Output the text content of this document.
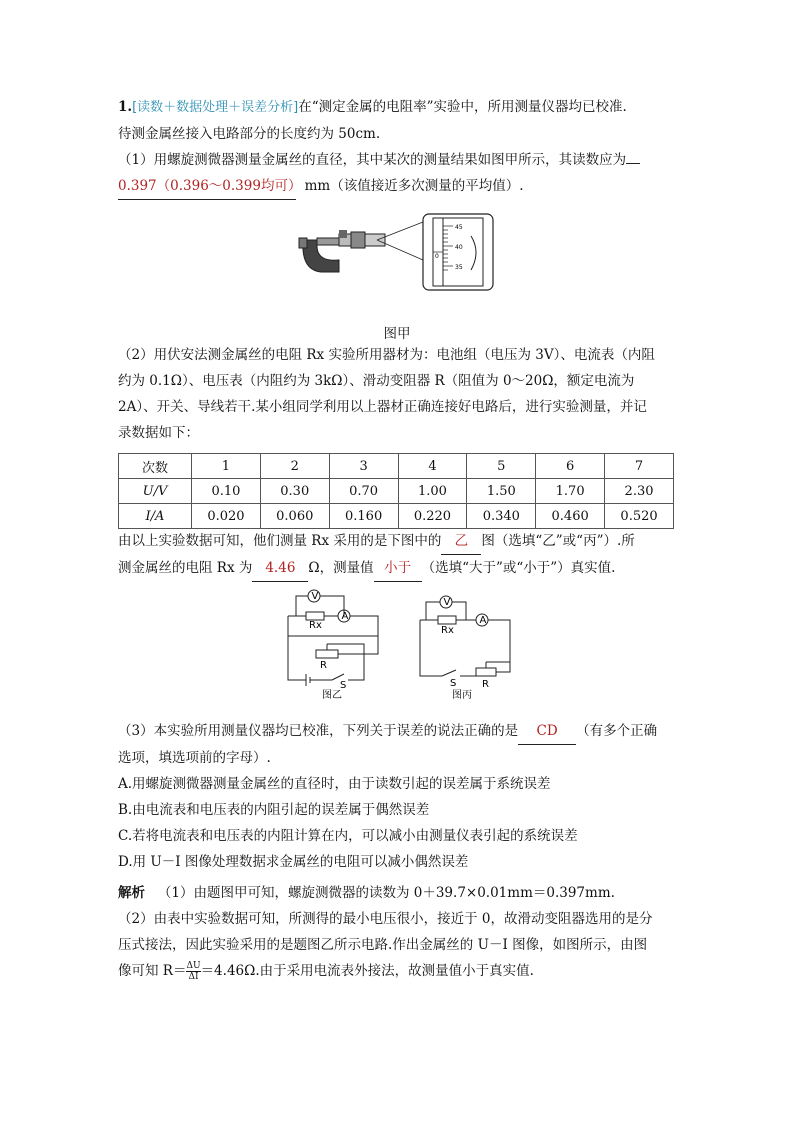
1.[读数＋数据处理＋误差分析]在“测定金属的电阻率”实验中，所用测量仪器均已校准.
待测金属丝接入电路部分的长度约为 50cm.
（1）用螺旋测微器测量金属丝的直径，其中某次的测量结果如图甲所示，其读数应为
0.397（0.396～0.399均可） mm（该值接近多次测量的平均值）.
45
40
35
0
图甲
（2）用伏安法测金属丝的电阻 Rx 实验所用器材为：电池组（电压为 3V）、电流表（内阻
约为 0.1Ω）、电压表（内阻约为 3kΩ）、滑动变阻器 R（阻值为 0～20Ω，额定电流为
2A）、开关、导线若干.某小组同学利用以上器材正确连接好电路后，进行实验测量，并记
录数据如下：
次数	1	2	3	4	5	6	7
U/V	0.10	0.30	0.70	1.00	1.50	1.70	2.30
I/A	0.020	0.060	0.160	0.220	0.340	0.460	0.520
由以上实验数据可知，他们测量 Rx 采用的是下图中的 乙 图（选填“乙”或“丙”）.所
测金属丝的电阻 Rx 为 4.46 Ω，测量值 小于 （选填“大于”或“小于”）真实值.
V
A
Rx
R
S
图乙
V
A
Rx
S	R
图丙
（3）本实验所用测量仪器均已校准，下列关于误差的说法正确的是 CD （有多个正确
选项，填选项前的字母）.
A.用螺旋测微器测量金属丝的直径时，由于读数引起的误差属于系统误差
B.由电流表和电压表的内阻引起的误差属于偶然误差
C.若将电流表和电压表的内阻计算在内，可以减小由测量仪表引起的系统误差
D.用 U－I 图像处理数据求金属丝的电阻可以减小偶然误差
解析 （1）由题图甲可知，螺旋测微器的读数为 0＋39.7×0.01mm＝0.397mm.
（2）由表中实验数据可知，所测得的最小电压很小，接近于 0，故滑动变阻器选用的是分
压式接法，因此实验采用的是题图乙所示电路.作出金属丝的 U－I 图像，如图所示，由图
像可知 $R= \frac{\Delta U}{\Delta I} =4.46\Omega$.由于采用电流表外接法，故测量值小于真实值.
